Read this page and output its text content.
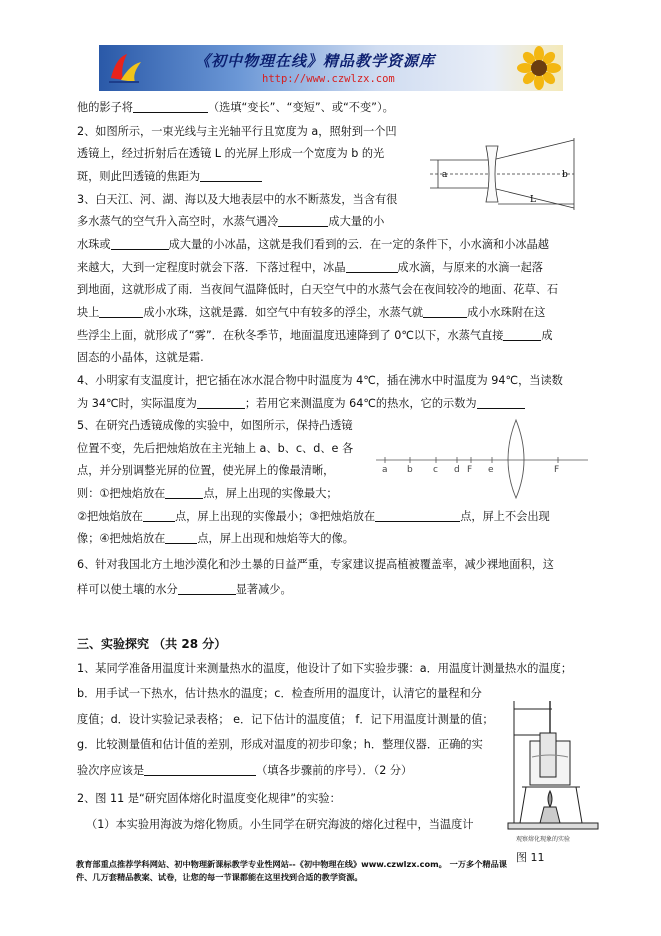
《初中物理在线》精品教学资源库
http://www.czwlzx.com
他的影子将	（选填“变长”、“变短”、或“不变”）。
2、如图所示，一束光线与主光轴平行且宽度为 a，照射到一个凹
透镜上，经过折射后在透镜 L 的光屏上形成一个宽度为 b 的光
斑，则此凹透镜的焦距为
3、白天江、河、湖、海以及大地表层中的水不断蒸发，当含有很
多水蒸气的空气升入高空时，水蒸气遇冷	成大量的小
水珠或	成大量的小冰晶，这就是我们看到的云．在一定的条件下，小水滴和小冰晶越
来越大，大到一定程度时就会下落．下落过程中，冰晶	成水滴，与原来的水滴一起落
到地面，这就形成了雨．当夜间气温降低时，白天空气中的水蒸气会在夜间较冷的地面、花草、石
块上	成小水珠，这就是露．如空气中有较多的浮尘，水蒸气就	成小水珠附在这
些浮尘上面，就形成了“雾”．在秋冬季节，地面温度迅速降到了 0℃以下，水蒸气直接	成
固态的小晶体，这就是霜.
4、小明家有支温度计，把它插在冰水混合物中时温度为 4℃，插在沸水中时温度为 94℃，当读数
为 34℃时，实际温度为	；若用它来测温度为 64℃的热水，它的示数为
5、在研究凸透镜成像的实验中，如图所示，保持凸透镜
位置不变，先后把烛焰放在主光轴上 a、b、c、d、e 各
点，并分别调整光屏的位置，使光屏上的像最清晰，
则：①把烛焰放在	点，屏上出现的实像最大；
②把烛焰放在	点，屏上出现的实像最小；③把烛焰放在	点，屏上不会出现
像；④把烛焰放在	点，屏上出现和烛焰等大的像。
6、针对我国北方土地沙漠化和沙土暴的日益严重，专家建议提高植被覆盖率，减少裸地面积，这
样可以使土壤的水分	显著减少。
1、某同学准备用温度计来测量热水的温度，他设计了如下实验步骤：a．用温度计测量热水的温度；
b．用手试一下热水，估计热水的温度；c．检查所用的温度计，认清它的量程和分
度值；d．设计实验记录表格； e．记下估计的温度值； f．记下用温度计测量的值；
g．比较测量值和估计值的差别，形成对温度的初步印象；h．整理仪器．正确的实
验次序应该是	（填各步骤前的序号）．（2 分）
2、图 11 是“研究固体熔化时温度变化规律”的实验：
（1）本实验用海波为熔化物质。小生同学在研究海波的熔化过程中，当温度计
三、实验探究 （共 28 分）
a	b
L
a b c d F e	F
观察熔化现象的实验
图 11
教育部重点推荐学科网站、初中物理新课标教学专业性网站--《初中物理在线》www.czwlzx.com。 一万多个精品课
件、几万套精品教案、试卷，让您的每一节课都能在这里找到合适的教学资源。
